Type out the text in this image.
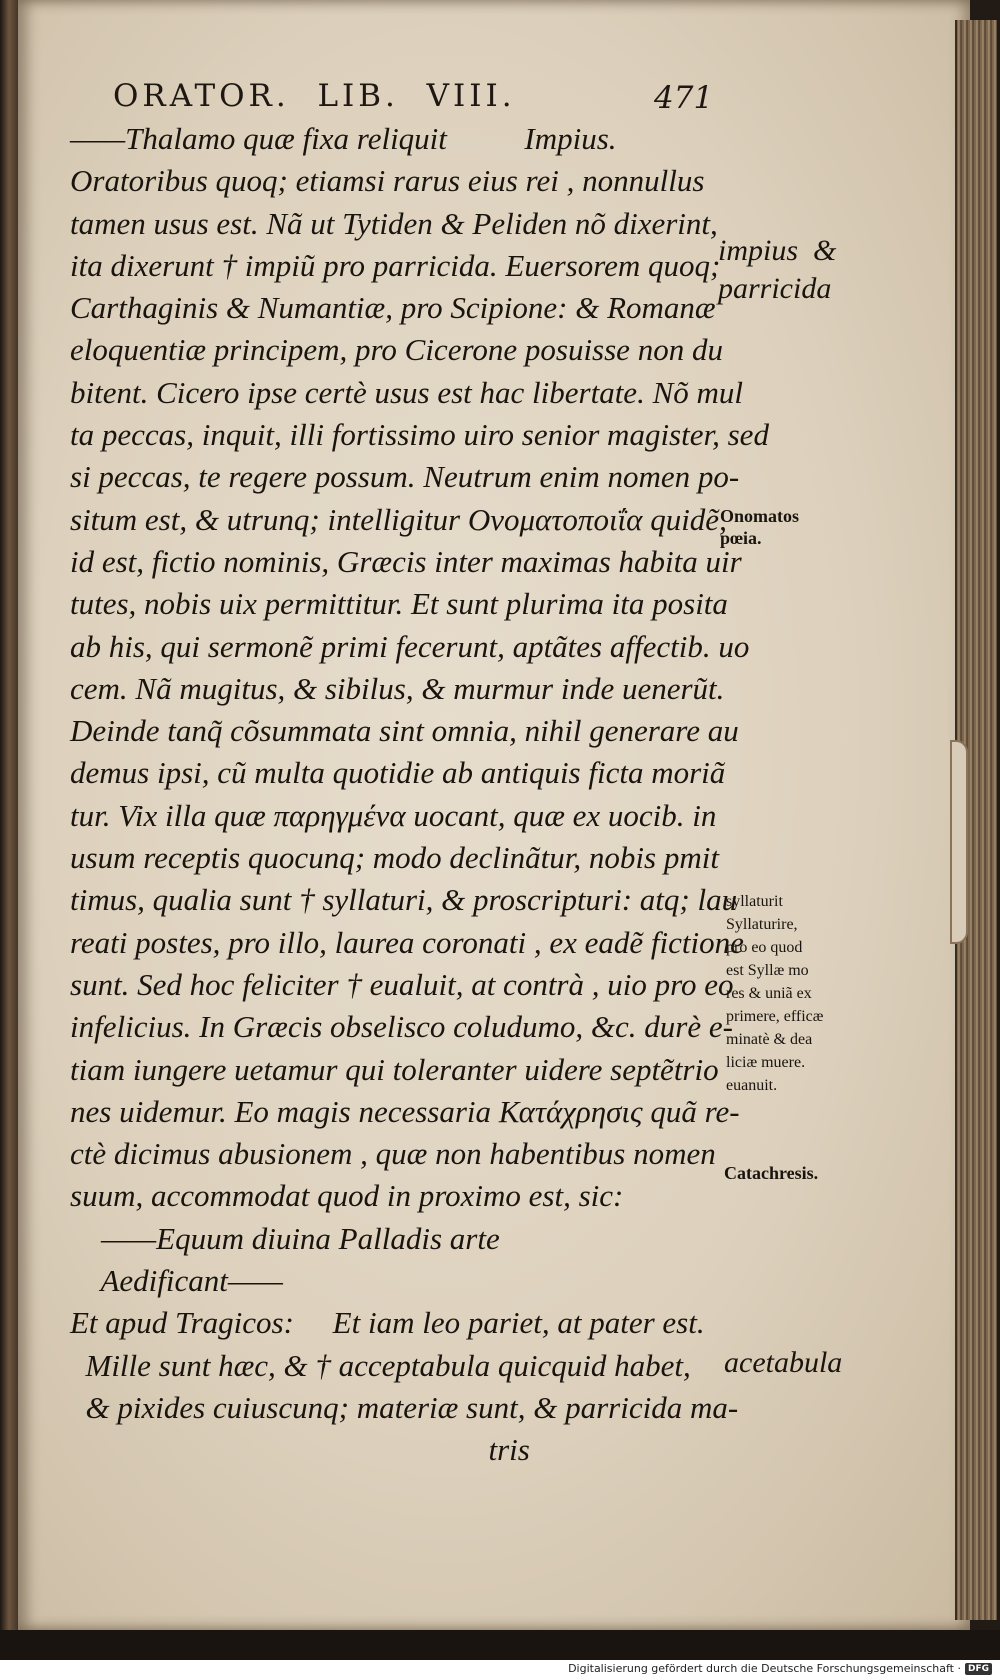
ORATOR.  LIB.  VIII.	471
——Thalamo quæ fixa reliquit          Impius.
Oratoribus quoq; etiamsi rarus eius rei , nonnullus
tamen usus est. Nã ut Tytiden & Peliden nõ dixerint,
ita dixerunt † impiũ pro parricida. Euersorem quoq;
Carthaginis & Numantiæ, pro Scipione: & Romanæ
eloquentiæ principem, pro Cicerone posuisse non du
bitent. Cicero ipse certè usus est hac libertate. Nõ mul
ta peccas, inquit, illi fortissimo uiro senior magister, sed
si peccas, te regere possum. Neutrum enim nomen po-
situm est, & utrunq; intelligitur Ονοματοποιΐα quidẽ,
id est, fictio nominis, Græcis inter maximas habita uir
tutes, nobis uix permittitur. Et sunt plurima ita posita
ab his, qui sermonẽ primi fecerunt, aptãtes affectib. uo
cem. Nã mugitus, & sibilus, & murmur inde uenerũt.
Deinde tanq̃ cõsummata sint omnia, nihil generare au
demus ipsi, cũ multa quotidie ab antiquis ficta moriã
tur. Vix illa quæ παρηγμένα uocant, quæ ex uocib. in
usum receptis quocunq; modo declinãtur, nobis pmit
timus, qualia sunt † syllaturi, & proscripturi: atq; lau
reati postes, pro illo, laurea coronati , ex eadẽ fictione
sunt. Sed hoc feliciter † eualuit, at contrà , uio pro eo
infelicius. In Græcis obselisco coludumo, &c. durè e-
tiam iungere uetamur qui toleranter uidere septẽtrio
nes uidemur. Eo magis necessaria Κατάχρησις quã re-
ctè dicimus abusionem , quæ non habentibus nomen
suum, accommodat quod in proximo est, sic:
——Equum diuina Palladis arte
Aedificant——
Et apud Tragicos:     Et iam leo pariet, at pater est.
Mille sunt hæc, & † acceptabula quicquid habet,
& pixides cuiuscunq; materiæ sunt, & parricida ma-
tris
impius  &
parricida
Onomatos
pœia.
syllaturit
Syllaturire,
pro eo quod
est Syllæ mo
res & uniã ex
primere, efficæ
minatè & dea
liciæ muere.
euanuit.
Catachresis.
acetabula
Digitalisierung gefördert durch die Deutsche Forschungsgemeinschaft · DFG
